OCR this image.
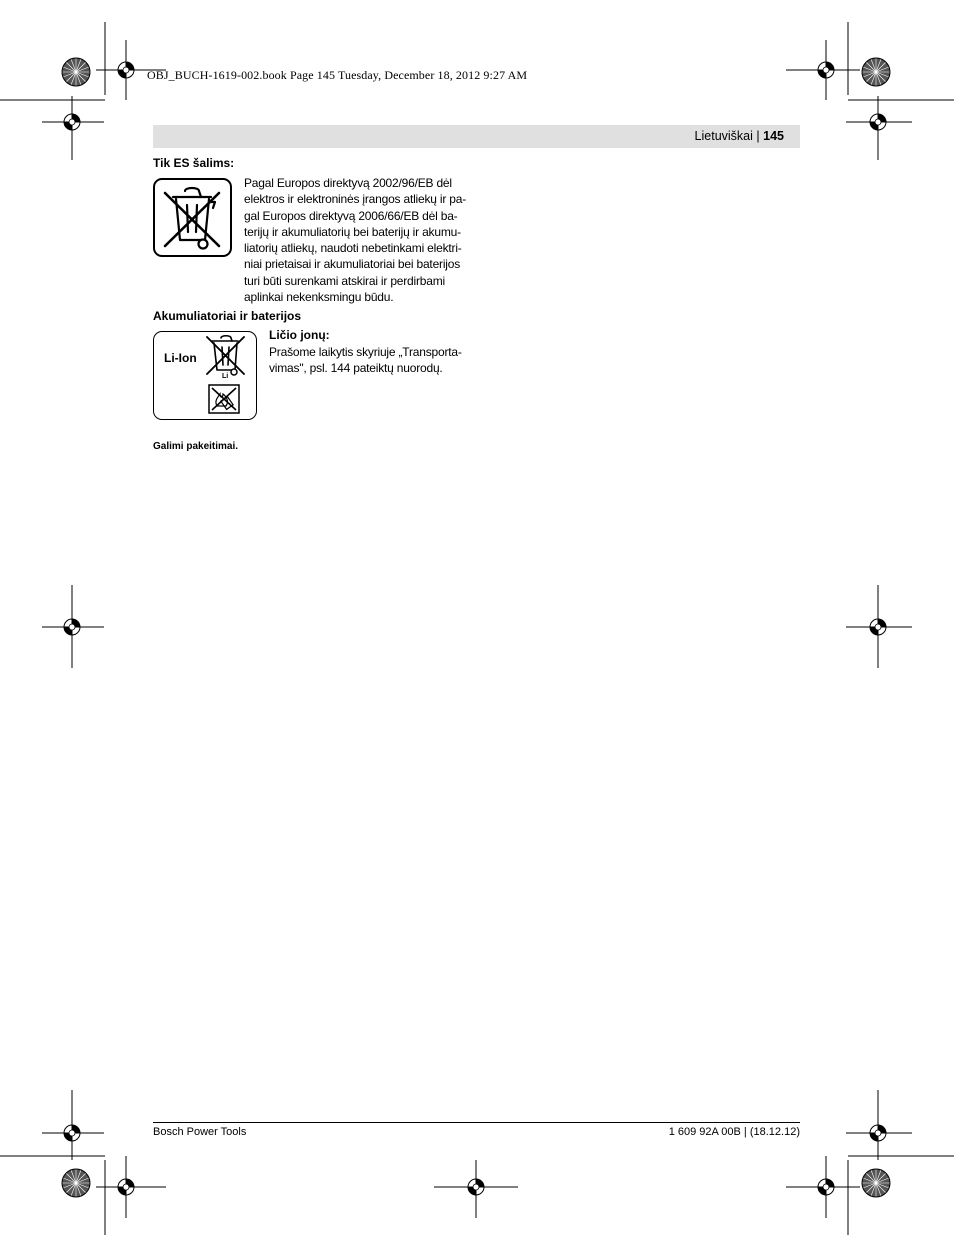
OBJ_BUCH-1619-002.book Page 145 Tuesday, December 18, 2012 9:27 AM
Lietuviškai | 145
Tik ES šalims:
Pagal Europos direktyvą 2002/96/EB dėl
elektros ir elektroninės įrangos atliekų ir pa-
gal Europos direktyvą 2006/66/EB dėl ba-
terijų ir akumuliatorių bei baterijų ir akumu-
liatorių atliekų, naudoti nebetinkami elektri-
niai prietaisai ir akumuliatoriai bei baterijos
turi būti surenkami atskirai ir perdirbami
aplinkai nekenksmingu būdu.
Akumuliatoriai ir baterijos
Li-Ion
Li
Ličio jonų:
Prašome laikytis skyriuje „Transporta-
vimas", psl. 144 pateiktų nuorodų.
Galimi pakeitimai.
Bosch Power Tools	1 609 92A 00B | (18.12.12)
